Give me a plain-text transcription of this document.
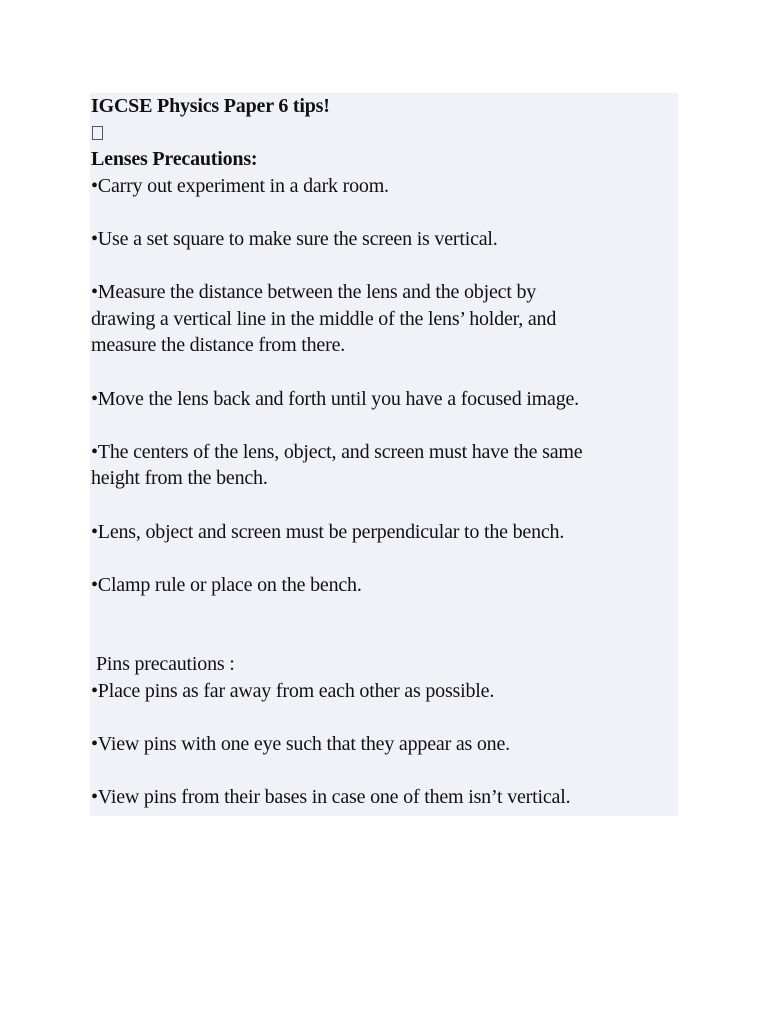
IGCSE Physics Paper 6 tips!
Lenses Precautions:
•Carry out experiment in a dark room.
•Use a set square to make sure the screen is vertical.
•Measure the distance between the lens and the object by
drawing a vertical line in the middle of the lens’ holder, and
measure the distance from there.
•Move the lens back and forth until you have a focused image.
•The centers of the lens, object, and screen must have the same
height from the bench.
•Lens, object and screen must be perpendicular to the bench.
•Clamp rule or place on the bench.
Pins precautions :
•Place pins as far away from each other as possible.
•View pins with one eye such that they appear as one.
•View pins from their bases in case one of them isn’t vertical.
